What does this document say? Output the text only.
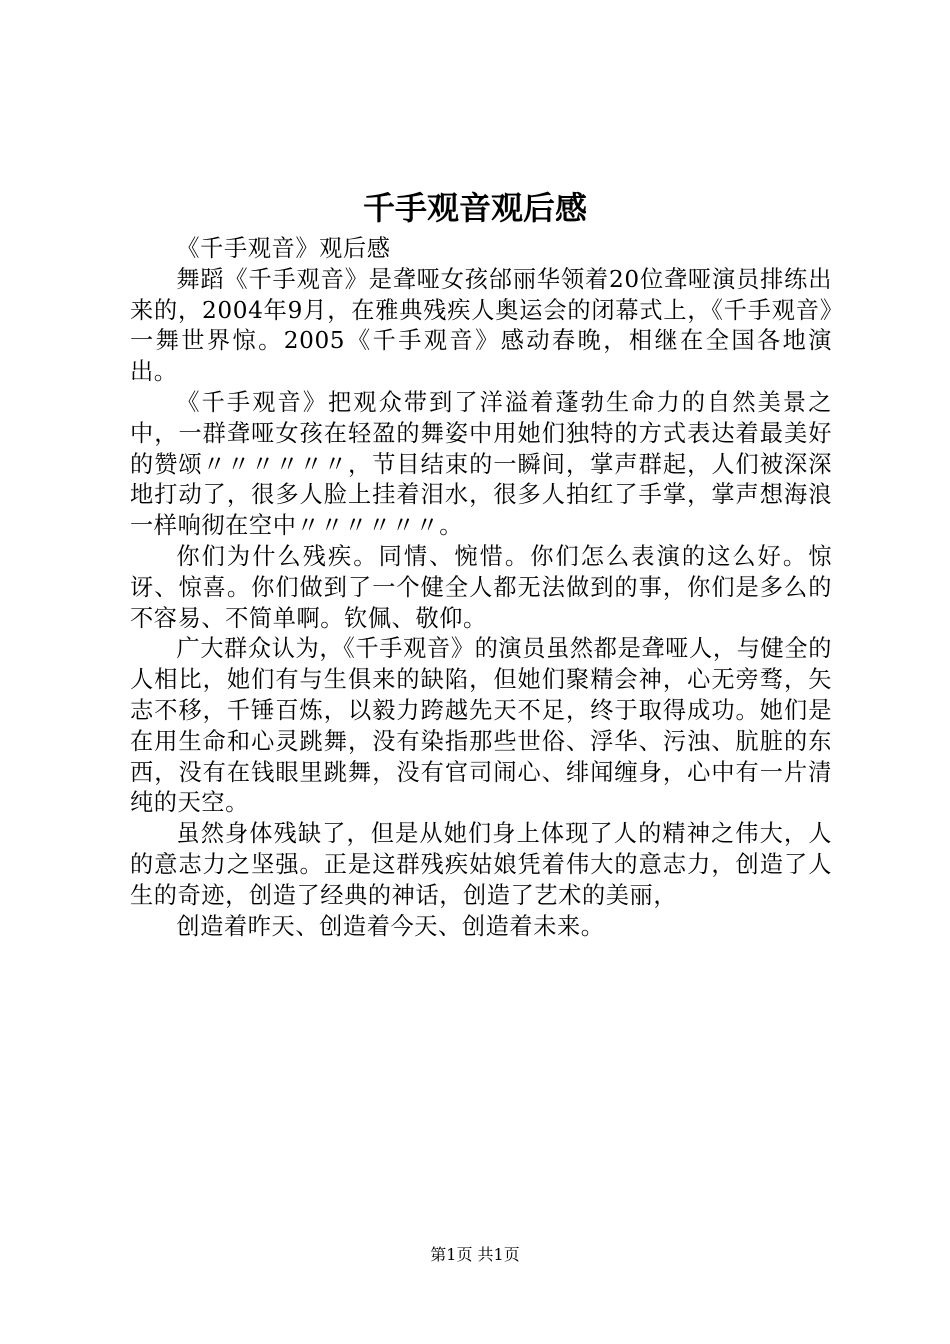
千手观音观后感

《千手观音》观后感

舞蹈《千手观音》是聋哑女孩邰丽华领着20位聋哑演员排练出来的，2004年9月，在雅典残疾人奥运会的闭幕式上，《千手观音》一舞世界惊。2005《千手观音》感动春晚，相继在全国各地演出。

《千手观音》把观众带到了洋溢着蓬勃生命力的自然美景之中，一群聋哑女孩在轻盈的舞姿中用她们独特的方式表达着最美好的赞颂〃〃〃〃〃〃，节目结束的一瞬间，掌声群起，人们被深深地打动了，很多人脸上挂着泪水，很多人拍红了手掌，掌声想海浪一样响彻在空中〃〃〃〃〃〃。

你们为什么残疾。同情、惋惜。你们怎么表演的这么好。惊讶、惊喜。你们做到了一个健全人都无法做到的事，你们是多么的不容易、不简单啊。钦佩、敬仰。

广大群众认为，《千手观音》的演员虽然都是聋哑人，与健全的人相比，她们有与生俱来的缺陷，但她们聚精会神，心无旁骛，矢志不移，千锤百炼，以毅力跨越先天不足，终于取得成功。她们是在用生命和心灵跳舞，没有染指那些世俗、浮华、污浊、肮脏的东西，没有在钱眼里跳舞，没有官司闹心、绯闻缠身，心中有一片清纯的天空。

虽然身体残缺了，但是从她们身上体现了人的精神之伟大，人的意志力之坚强。正是这群残疾姑娘凭着伟大的意志力，创造了人生的奇迹，创造了经典的神话，创造了艺术的美丽，

创造着昨天、创造着今天、创造着未来。

第1页 共1页
